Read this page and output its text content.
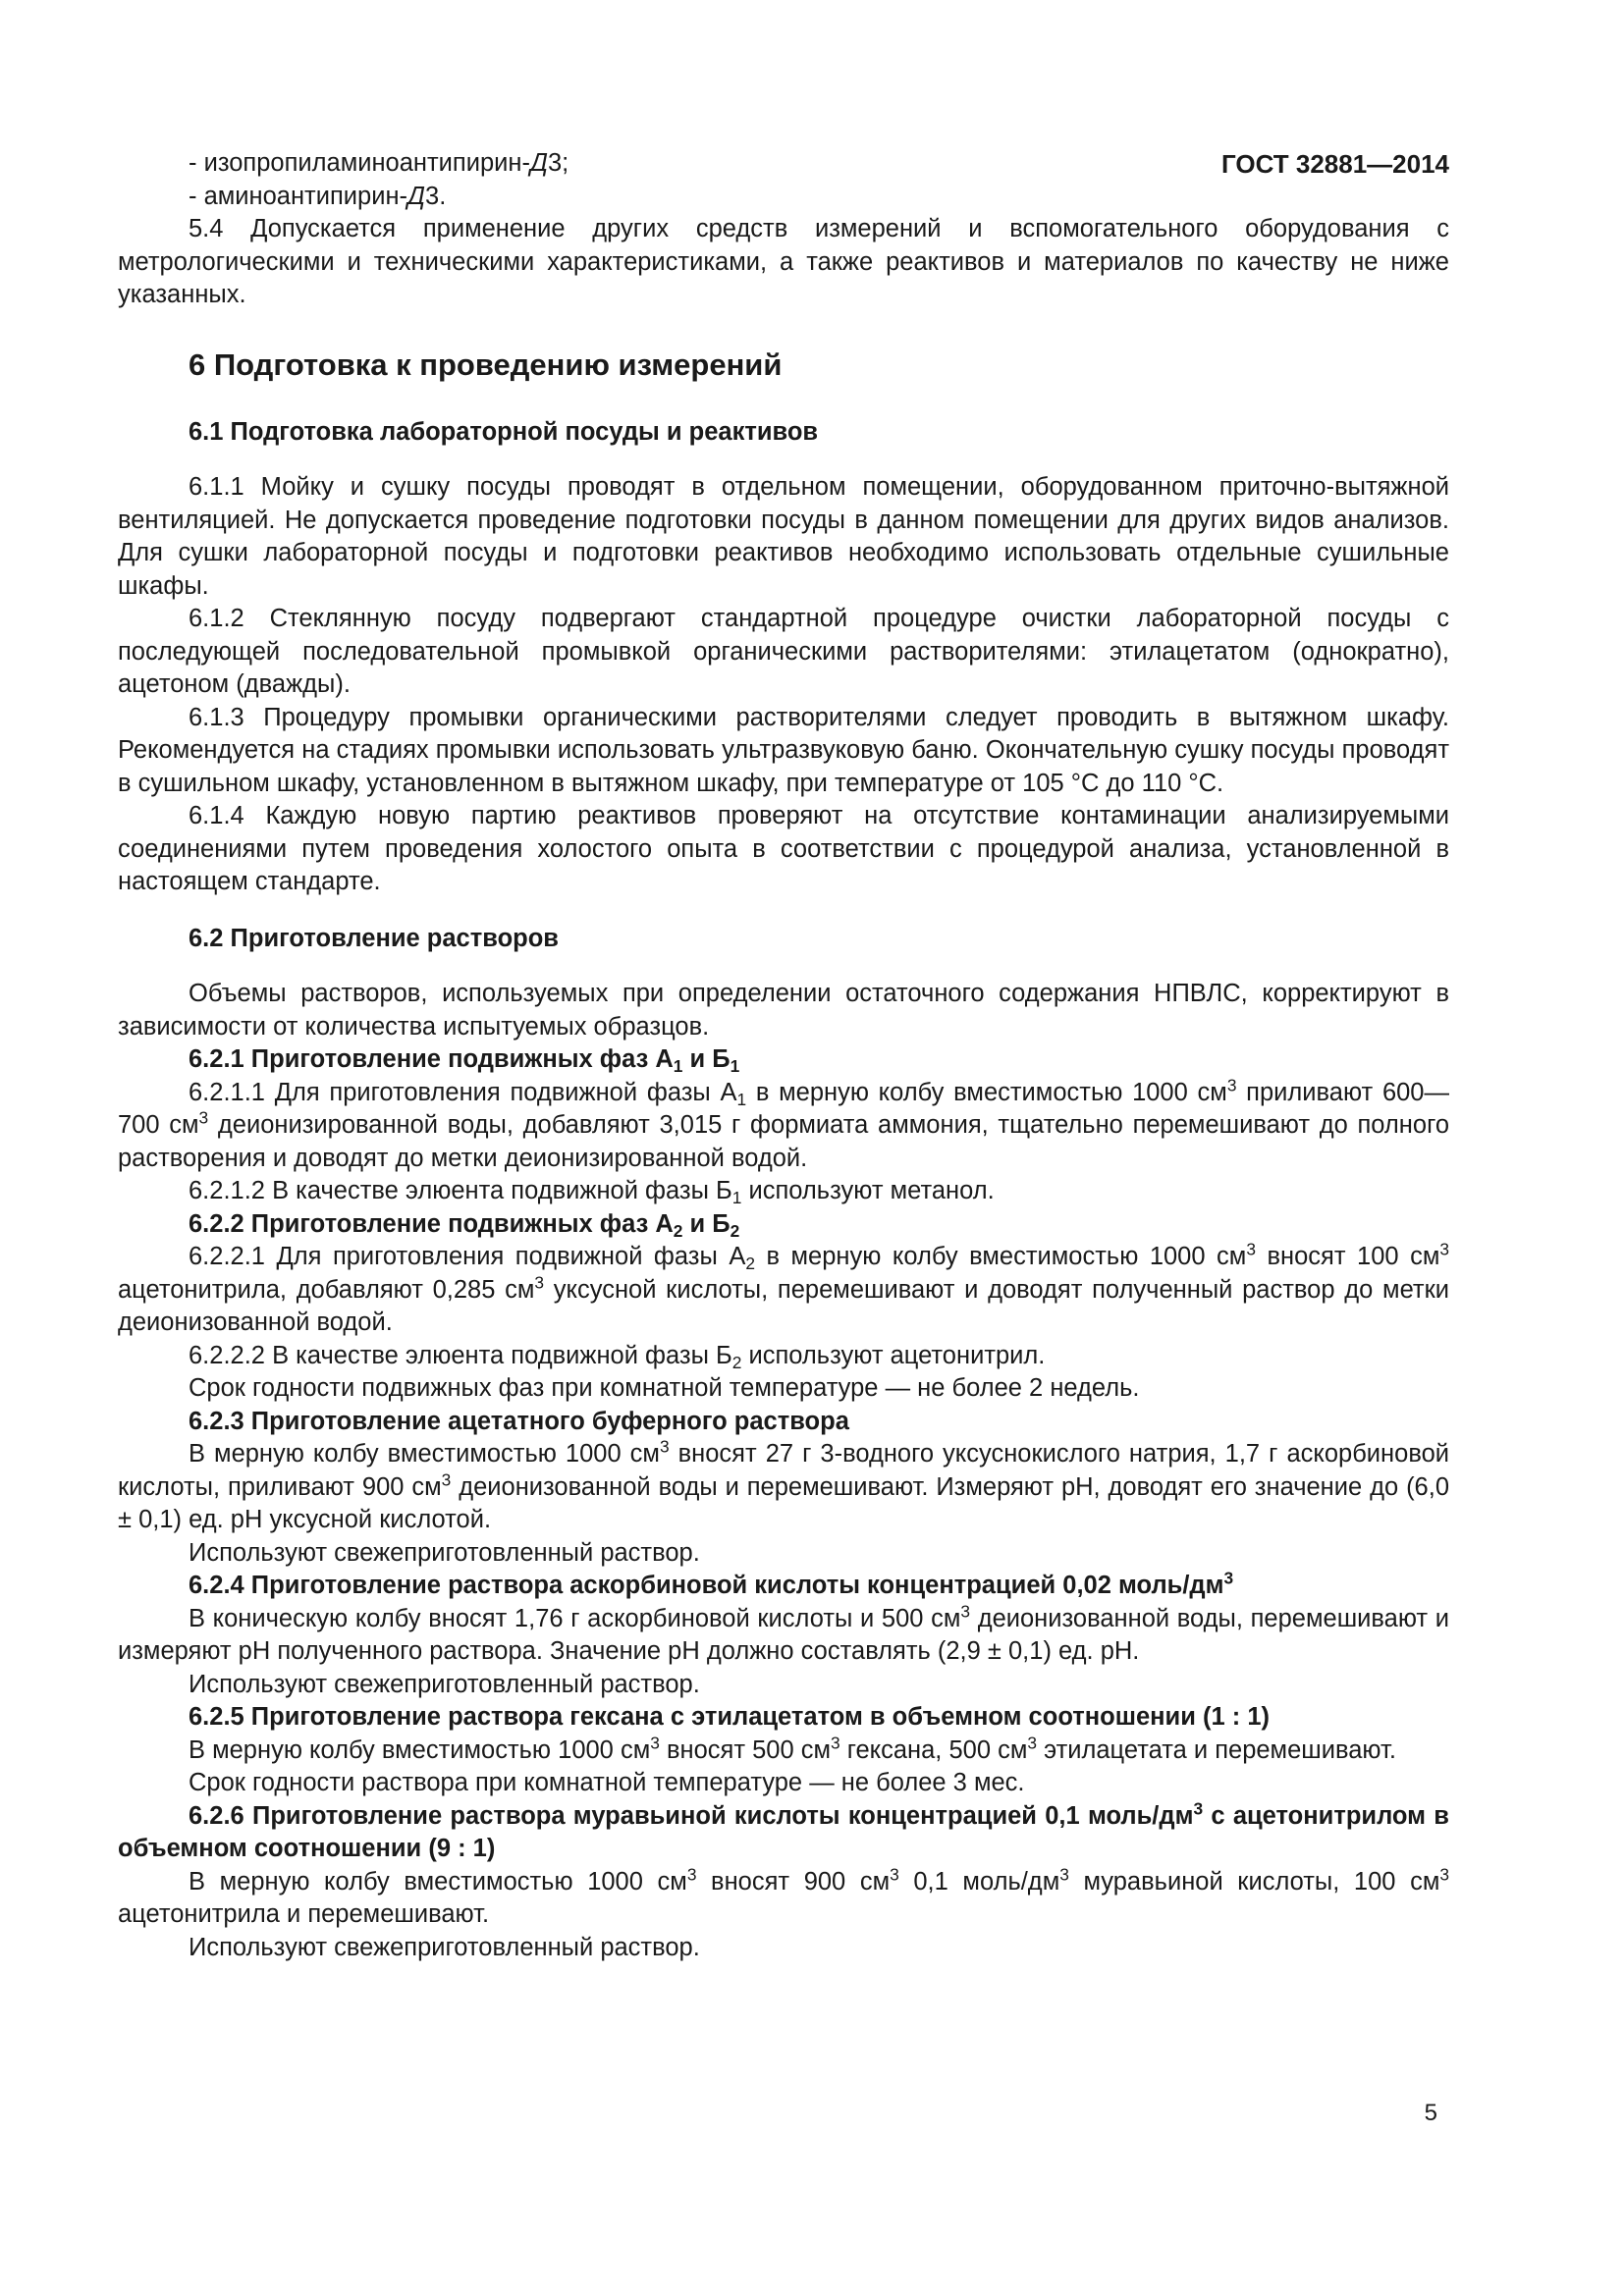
ГОСТ 32881—2014

- изопропиламиноантипирин-Д3;

- аминоантипирин-Д3.

5.4 Допускается применение других средств измерений и вспомогательного оборудования с метрологическими и техническими характеристиками, а также реактивов и материалов по качеству не ниже указанных.

6 Подготовка к проведению измерений

6.1 Подготовка лабораторной посуды и реактивов

6.1.1 Мойку и сушку посуды проводят в отдельном помещении, оборудованном приточно-вытяжной вентиляцией. Не допускается проведение подготовки посуды в данном помещении для других видов анализов. Для сушки лабораторной посуды и подготовки реактивов необходимо использовать отдельные сушильные шкафы.

6.1.2 Стеклянную посуду подвергают стандартной процедуре очистки лабораторной посуды с последующей последовательной промывкой органическими растворителями: этилацетатом (однократно), ацетоном (дважды).

6.1.3 Процедуру промывки органическими растворителями следует проводить в вытяжном шкафу. Рекомендуется на стадиях промывки использовать ультразвуковую баню. Окончательную сушку посуды проводят в сушильном шкафу, установленном в вытяжном шкафу, при температуре от 105 °С до 110 °С.

6.1.4 Каждую новую партию реактивов проверяют на отсутствие контаминации анализируемыми соединениями путем проведения холостого опыта в соответствии с процедурой анализа, установленной в настоящем стандарте.

6.2 Приготовление растворов

Объемы растворов, используемых при определении остаточного содержания НПВЛС, корректируют в зависимости от количества испытуемых образцов.

6.2.1 Приготовление подвижных фаз $А_1$ и $Б_1$

6.2.1.1 Для приготовления подвижной фазы $А_1$ в мерную колбу вместимостью 1000 $см^3$ приливают 600—700 $см^3$ деионизированной воды, добавляют 3,015 г формиата аммония, тщательно перемешивают до полного растворения и доводят до метки деионизированной водой.

6.2.1.2 В качестве элюента подвижной фазы $Б_1$ используют метанол.

6.2.2 Приготовление подвижных фаз $А_2$ и $Б_2$

6.2.2.1 Для приготовления подвижной фазы $А_2$ в мерную колбу вместимостью 1000 $см^3$ вносят 100 $см^3$ ацетонитрила, добавляют 0,285 $см^3$ уксусной кислоты, перемешивают и доводят полученный раствор до метки деионизованной водой.

6.2.2.2 В качестве элюента подвижной фазы $Б_2$ используют ацетонитрил.

Срок годности подвижных фаз при комнатной температуре — не более 2 недель.

6.2.3 Приготовление ацетатного буферного раствора

В мерную колбу вместимостью 1000 $см^3$ вносят 27 г 3-водного уксуснокислого натрия, 1,7 г аскорбиновой кислоты, приливают 900 $см^3$ деионизованной воды и перемешивают. Измеряют pH, доводят его значение до (6,0 ± 0,1) ед. pH уксусной кислотой.

Используют свежеприготовленный раствор.

6.2.4 Приготовление раствора аскорбиновой кислоты концентрацией 0,02 моль/$дм^3$

В коническую колбу вносят 1,76 г аскорбиновой кислоты и 500 $см^3$ деионизованной воды, перемешивают и измеряют pH полученного раствора. Значение pH должно составлять (2,9 ± 0,1) ед. pH.

Используют свежеприготовленный раствор.

6.2.5 Приготовление раствора гексана с этилацетатом в объемном соотношении (1 : 1)

В мерную колбу вместимостью 1000 $см^3$ вносят 500 $см^3$ гексана, 500 $см^3$ этилацетата и перемешивают.

Срок годности раствора при комнатной температуре — не более 3 мес.

6.2.6 Приготовление раствора муравьиной кислоты концентрацией 0,1 моль/$дм^3$ с ацетонитрилом в объемном соотношении (9 : 1)

В мерную колбу вместимостью 1000 $см^3$ вносят 900 $см^3$ 0,1 моль/$дм^3$ муравьиной кислоты, 100 $см^3$ ацетонитрила и перемешивают.

Используют свежеприготовленный раствор.

5
